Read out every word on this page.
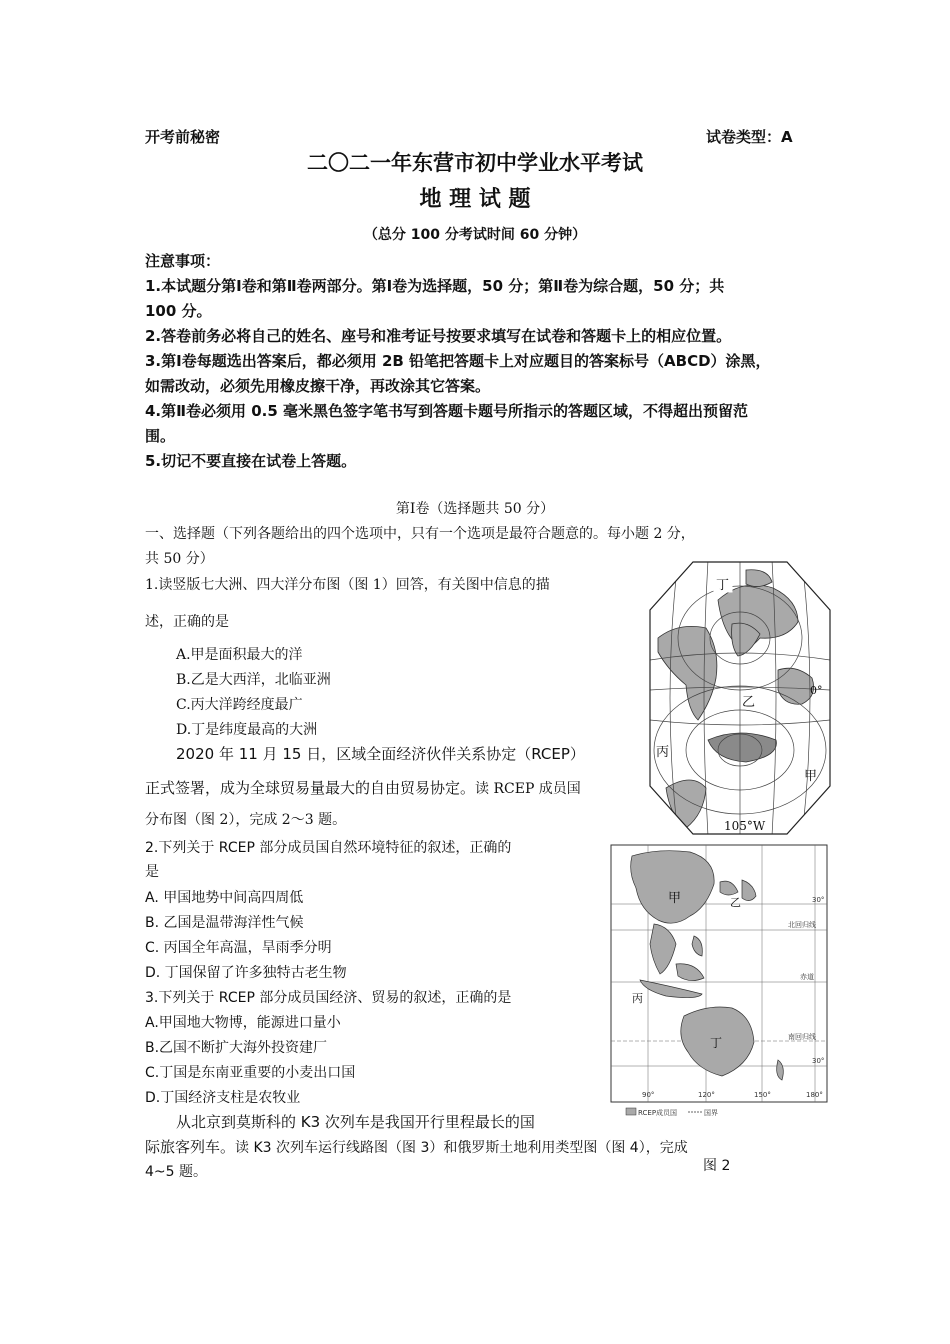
开考前秘密	试卷类型：A
二〇二一年东营市初中学业水平考试
地 理 试 题
（总分 100 分考试时间 60 分钟）
注意事项：
1.本试题分第Ⅰ卷和第Ⅱ卷两部分。第Ⅰ卷为选择题，50 分；第Ⅱ卷为综合题，50 分；共
100 分。
2.答卷前务必将自己的姓名、座号和准考证号按要求填写在试卷和答题卡上的相应位置。
3.第Ⅰ卷每题选出答案后，都必须用 2B 铅笔把答题卡上对应题目的答案标号（ABCD）涂黑，
如需改动，必须先用橡皮擦干净，再改涂其它答案。
4.第Ⅱ卷必须用 0.5 毫米黑色签字笔书写到答题卡题号所指示的答题区域，不得超出预留范
围。
5.切记不要直接在试卷上答题。
第Ⅰ卷（选择题共 50 分）
一、选择题（下列各题给出的四个选项中，只有一个选项是最符合题意的。每小题 2 分，
共 50 分）
1.读竖版七大洲、四大洋分布图（图 1）回答，有关图中信息的描
述，正确的是
A.甲是面积最大的洋
B.乙是大西洋，北临亚洲
C.丙大洋跨经度最广
D.丁是纬度最高的大洲
2020 年 11 月 15 日，区域全面经济伙伴关系协定（RCEP）
正式签署，成为全球贸易量最大的自由贸易协定。读 RCEP 成员国
分布图（图 2），完成 2～3 题。
2.下列关于 RCEP 部分成员国自然环境特征的叙述，正确的
是
A. 甲国地势中间高四周低
B. 乙国是温带海洋性气候
C. 丙国全年高温，旱雨季分明
D. 丁国保留了许多独特古老生物
3.下列关于 RCEP 部分成员国经济、贸易的叙述，正确的是
A.甲国地大物博，能源进口量小
B.乙国不断扩大海外投资建厂
C.丁国是东南亚重要的小麦出口国
D.丁国经济支柱是农牧业
从北京到莫斯科的 K3 次列车是我国开行里程最长的国
际旅客列车。读 K3 次列车运行线路图（图 3）和俄罗斯土地利用类型图（图 4），完成
4~5 题。
丁
乙
0°
丙
甲
105°W
甲	乙
丙
丁
30°
北回归线
赤道
南回归线
30°
90°	120°	150°	180°
RCEP成员国	国界
图 2
